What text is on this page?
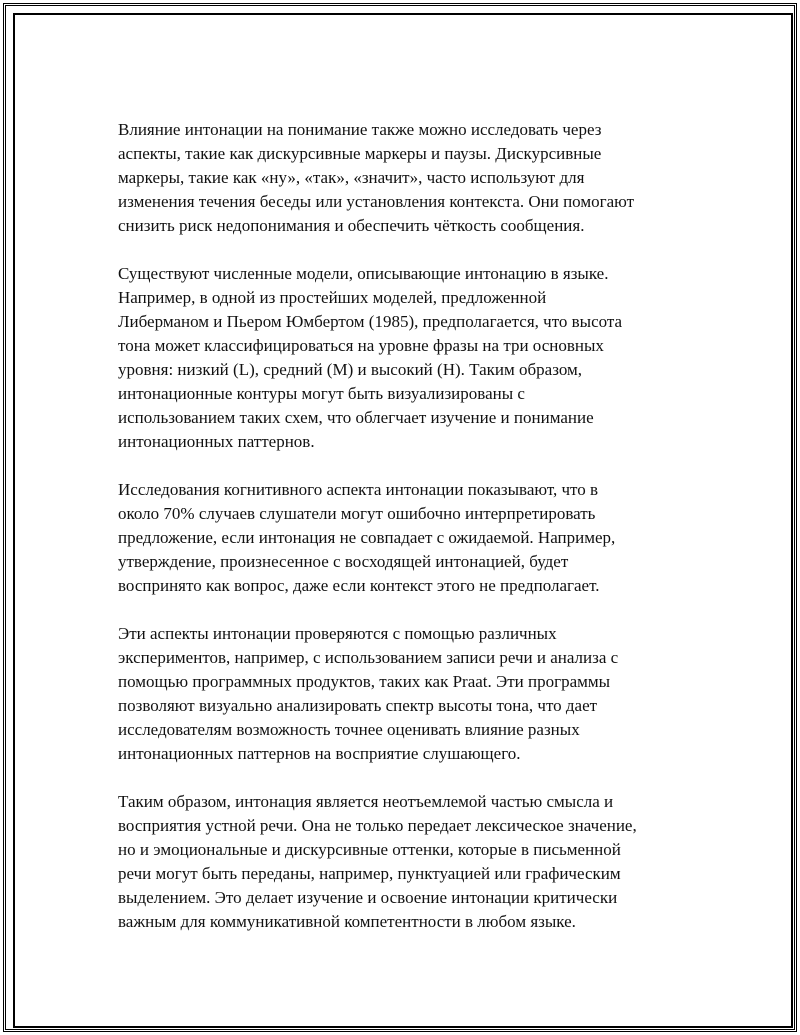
Влияние интонации на понимание также можно исследовать через
аспекты, такие как дискурсивные маркеры и паузы. Дискурсивные
маркеры, такие как «ну», «так», «значит», часто используют для
изменения течения беседы или установления контекста. Они помогают
снизить риск недопонимания и обеспечить чёткость сообщения.

Существуют численные модели, описывающие интонацию в языке.
Например, в одной из простейших моделей, предложенной
Либерманом и Пьером Юмбертом (1985), предполагается, что высота
тона может классифицироваться на уровне фразы на три основных
уровня: низкий (L), средний (M) и высокий (H). Таким образом,
интонационные контуры могут быть визуализированы с
использованием таких схем, что облегчает изучение и понимание
интонационных паттернов.

Исследования когнитивного аспекта интонации показывают, что в
около 70% случаев слушатели могут ошибочно интерпретировать
предложение, если интонация не совпадает с ожидаемой. Например,
утверждение, произнесенное с восходящей интонацией, будет
воспринято как вопрос, даже если контекст этого не предполагает.

Эти аспекты интонации проверяются с помощью различных
экспериментов, например, с использованием записи речи и анализа с
помощью программных продуктов, таких как Praat. Эти программы
позволяют визуально анализировать спектр высоты тона, что дает
исследователям возможность точнее оценивать влияние разных
интонационных паттернов на восприятие слушающего.

Таким образом, интонация является неотъемлемой частью смысла и
восприятия устной речи. Она не только передает лексическое значение,
но и эмоциональные и дискурсивные оттенки, которые в письменной
речи могут быть переданы, например, пунктуацией или графическим
выделением. Это делает изучение и освоение интонации критически
важным для коммуникативной компетентности в любом языке.
